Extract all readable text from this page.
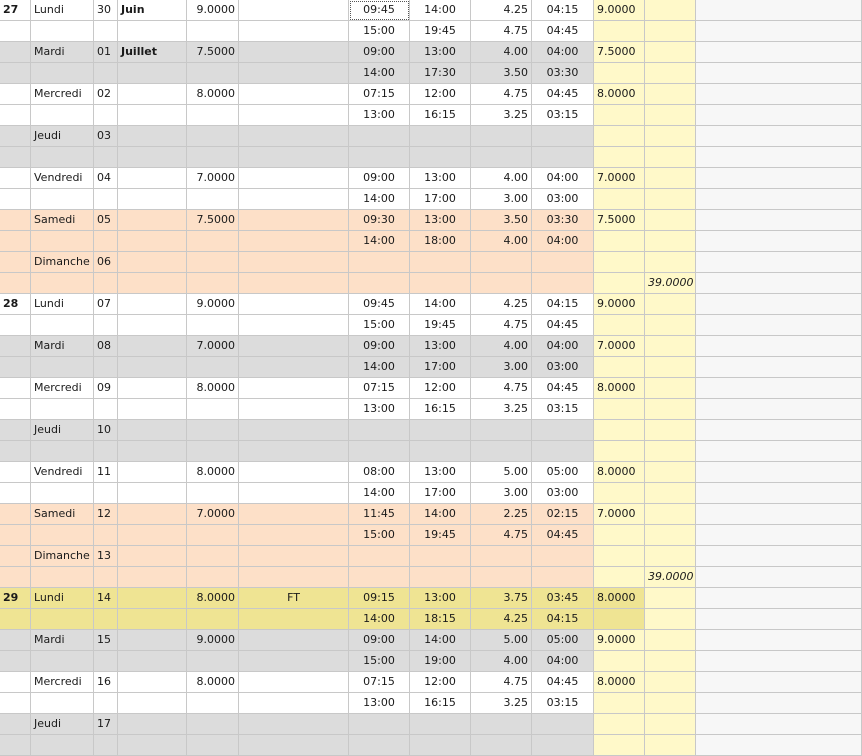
27	Lundi	30 Juin	9.0000	09:45	14:00	4.25	04:15	9.0000
15:00	19:45	4.75	04:45
Mardi	01 Juillet	7.5000	09:00	13:00	4.00	04:00	7.5000
14:00	17:30	3.50	03:30
Mercredi	02	8.0000	07:15	12:00	4.75	04:45	8.0000
13:00	16:15	3.25	03:15
Jeudi	03
Vendredi	04	7.0000	09:00	13:00	4.00	04:00	7.0000
14:00	17:00	3.00	03:00
Samedi	05	7.5000	09:30	13:00	3.50	03:30	7.5000
14:00	18:00	4.00	04:00
Dimanche 06
39.0000
28	Lundi	07	9.0000	09:45	14:00	4.25	04:15	9.0000
15:00	19:45	4.75	04:45
Mardi	08	7.0000	09:00	13:00	4.00	04:00	7.0000
14:00	17:00	3.00	03:00
Mercredi	09	8.0000	07:15	12:00	4.75	04:45	8.0000
13:00	16:15	3.25	03:15
Jeudi	10
Vendredi	11	8.0000	08:00	13:00	5.00	05:00	8.0000
14:00	17:00	3.00	03:00
Samedi	12	7.0000	11:45	14:00	2.25	02:15	7.0000
15:00	19:45	4.75	04:45
Dimanche 13
39.0000
29	Lundi	14	8.0000	FT	09:15	13:00	3.75	03:45	8.0000
14:00	18:15	4.25	04:15
Mardi	15	9.0000	09:00	14:00	5.00	05:00	9.0000
15:00	19:00	4.00	04:00
Mercredi	16	8.0000	07:15	12:00	4.75	04:45	8.0000
13:00	16:15	3.25	03:15
Jeudi	17
